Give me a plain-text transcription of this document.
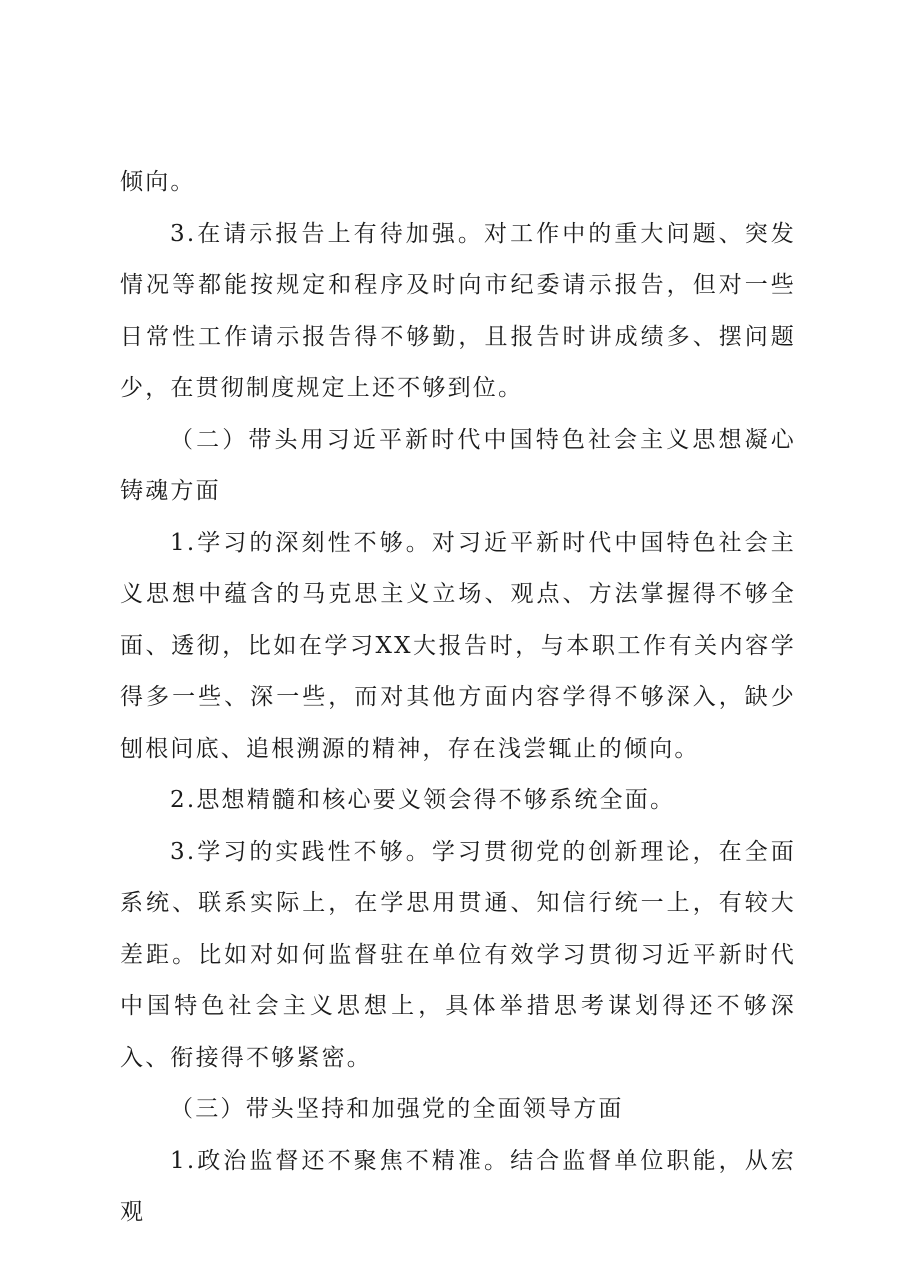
倾向。

3.在请示报告上有待加强。对工作中的重大问题、突发情况等都能按规定和程序及时向市纪委请示报告，但对一些日常性工作请示报告得不够勤，且报告时讲成绩多、摆问题少，在贯彻制度规定上还不够到位。

（二）带头用习近平新时代中国特色社会主义思想凝心铸魂方面

1.学习的深刻性不够。对习近平新时代中国特色社会主义思想中蕴含的马克思主义立场、观点、方法掌握得不够全面、透彻，比如在学习XX大报告时，与本职工作有关内容学得多一些、深一些，而对其他方面内容学得不够深入，缺少刨根问底、追根溯源的精神，存在浅尝辄止的倾向。

2.思想精髓和核心要义领会得不够系统全面。

3.学习的实践性不够。学习贯彻党的创新理论，在全面系统、联系实际上，在学思用贯通、知信行统一上，有较大差距。比如对如何监督驻在单位有效学习贯彻习近平新时代中国特色社会主义思想上，具体举措思考谋划得还不够深入、衔接得不够紧密。

（三）带头坚持和加强党的全面领导方面

1.政治监督还不聚焦不精准。结合监督单位职能，从宏观
